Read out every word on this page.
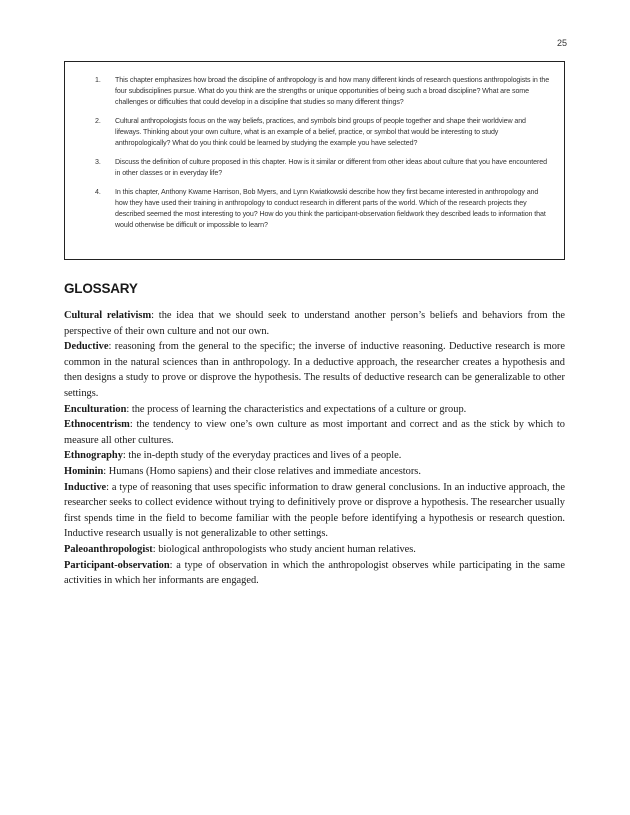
25
1. This chapter emphasizes how broad the discipline of anthropology is and how many different kinds of research questions anthropologists in the four subdisciplines pursue. What do you think are the strengths or unique opportunities of being such a broad discipline? What are some challenges or difficulties that could develop in a discipline that studies so many different things?
2. Cultural anthropologists focus on the way beliefs, practices, and symbols bind groups of people together and shape their worldview and lifeways. Thinking about your own culture, what is an example of a belief, practice, or symbol that would be interesting to study anthropologically? What do you think could be learned by studying the example you have selected?
3. Discuss the definition of culture proposed in this chapter. How is it similar or different from other ideas about culture that you have encountered in other classes or in everyday life?
4. In this chapter, Anthony Kwame Harrison, Bob Myers, and Lynn Kwiatkowski describe how they first became interested in anthropology and how they have used their training in anthropology to conduct research in different parts of the world. Which of the research projects they described seemed the most interesting to you? How do you think the participant-observation fieldwork they described leads to information that would otherwise be difficult or impossible to learn?
GLOSSARY

Cultural relativism: the idea that we should seek to understand another person’s beliefs and behaviors from the perspective of their own culture and not our own.

Deductive: reasoning from the general to the specific; the inverse of inductive reasoning. Deductive research is more common in the natural sciences than in anthropology. In a deductive approach, the researcher creates a hypothesis and then designs a study to prove or disprove the hypothesis. The results of deductive research can be generalizable to other settings.

Enculturation: the process of learning the characteristics and expectations of a culture or group.

Ethnocentrism: the tendency to view one’s own culture as most important and correct and as the stick by which to measure all other cultures.

Ethnography: the in-depth study of the everyday practices and lives of a people.

Hominin: Humans (Homo sapiens) and their close relatives and immediate ancestors.

Inductive: a type of reasoning that uses specific information to draw general conclusions. In an inductive approach, the researcher seeks to collect evidence without trying to definitively prove or disprove a hypothesis. The researcher usually first spends time in the field to become familiar with the people before identifying a hypothesis or research question. Inductive research usually is not generalizable to other settings.

Paleoanthropologist: biological anthropologists who study ancient human relatives.

Participant-observation: a type of observation in which the anthropologist observes while participating in the same activities in which her informants are engaged.
